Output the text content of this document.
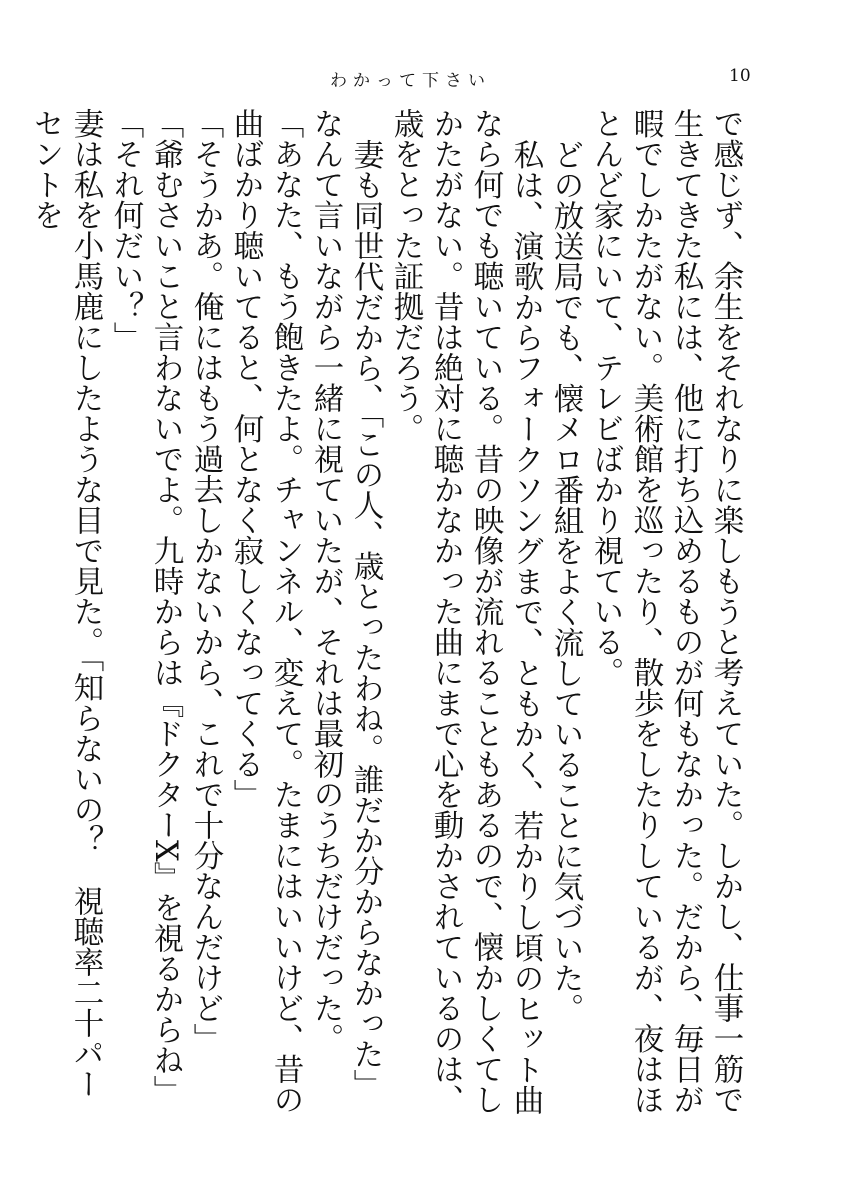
わかって下さい	10

で感じず、余生をそれなりに楽しもうと考えていた。しかし、仕事一筋で生きてきた私には、他に打ち込めるものが何もなかった。だから、毎日が暇でしかたがない。美術館を巡ったり、散歩をしたりしているが、夜はほとんど家にいて、テレビばかり視ている。

どの放送局でも、懐メロ番組をよく流していることに気づいた。

私は、演歌からフォークソングまで、ともかく、若かりし頃のヒット曲なら何でも聴いている。昔の映像が流れることもあるので、懐かしくてしかたがない。昔は絶対に聴かなかった曲にまで心を動かされているのは、歳をとった証拠だろう。

妻も同世代だから、「この人、歳とったわね。誰だか分からなかった」なんて言いながら一緒に視ていたが、それは最初のうちだけだった。

「あなた、もう飽きたよ。チャンネル、変えて。たまにはいいけど、昔の曲ばかり聴いてると、何となく寂しくなってくる」

「そうかあ。俺にはもう過去しかないから、これで十分なんだけど」

「爺むさいこと言わないでよ。九時からは『ドクターX』を視るからね」

「それ何だい？」

妻は私を小馬鹿にしたような目で見た。「知らないの？　視聴率二十パーセントを
